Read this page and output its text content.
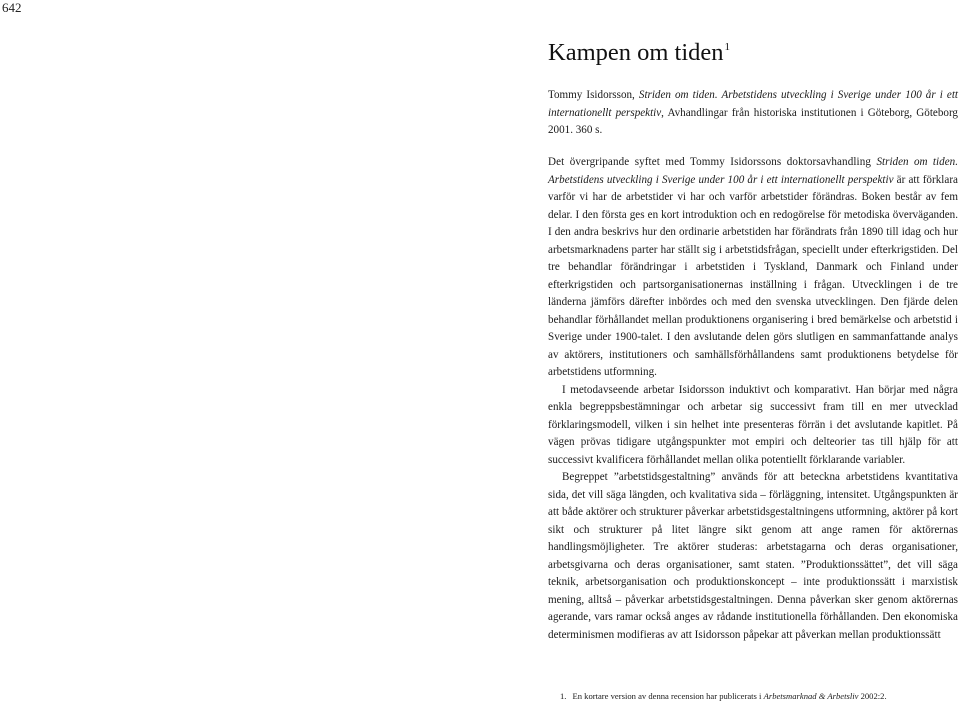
642
Kampen om tiden$^1$

Tommy Isidorsson, Striden om tiden. Arbetstidens utveckling i Sverige under 100 år i ett internationellt perspektiv, Avhandlingar från historiska institutionen i Göteborg, Göteborg 2001. 360 s.

Det övergripande syftet med Tommy Isidorssons doktorsavhandling Striden om tiden. Arbetstidens utveckling i Sverige under 100 år i ett internationellt perspektiv är att förklara varför vi har de arbetstider vi har och varför arbetstider förändras. Boken består av fem delar. I den första ges en kort introduktion och en redogörelse för metodiska överväganden. I den andra beskrivs hur den ordinarie arbetstiden har förändrats från 1890 till idag och hur arbetsmarknadens parter har ställt sig i arbetstidsfrågan, speciellt under efterkrigstiden. Del tre behandlar förändringar i arbetstiden i Tyskland, Danmark och Finland under efterkrigstiden och partsorganisationernas inställning i frågan. Utvecklingen i de tre länderna jämförs därefter inbördes och med den svenska utvecklingen. Den fjärde delen behandlar förhållandet mellan produktionens organisering i bred bemärkelse och arbetstid i Sverige under 1900-talet. I den avslutande delen görs slutligen en sammanfattande analys av aktörers, institutioners och samhällsförhållandens samt produktionens betydelse för arbetstidens utformning.

I metodavseende arbetar Isidorsson induktivt och komparativt. Han börjar med några enkla begreppsbestämningar och arbetar sig successivt fram till en mer utvecklad förklaringsmodell, vilken i sin helhet inte presenteras förrän i det avslutande kapitlet. På vägen prövas tidigare utgångspunkter mot empiri och delteorier tas till hjälp för att successivt kvalificera förhållandet mellan olika potentiellt förklarande variabler.

Begreppet ”arbetstidsgestaltning” används för att beteckna arbetstidens kvantitativa sida, det vill säga längden, och kvalitativa sida – förläggning, intensitet. Utgångspunkten är att både aktörer och strukturer påverkar arbetstidsgestaltningens utformning, aktörer på kort sikt och strukturer på litet längre sikt genom att ange ramen för aktörernas handlingsmöjligheter. Tre aktörer studeras: arbetstagarna och deras organisationer, arbetsgivarna och deras organisationer, samt staten. ”Produktionssättet”, det vill säga teknik, arbetsorganisation och produktionskoncept – inte produktionssätt i marxistisk mening, alltså – påverkar arbetstidsgestaltningen. Denna påverkan sker genom aktörernas agerande, vars ramar också anges av rådande institutionella förhållanden. Den ekonomiska determinismen modifieras av att Isidorsson påpekar att påverkan mellan produktionssätt

1. En kortare version av denna recension har publicerats i Arbetsmarknad & Arbetsliv 2002:2.
